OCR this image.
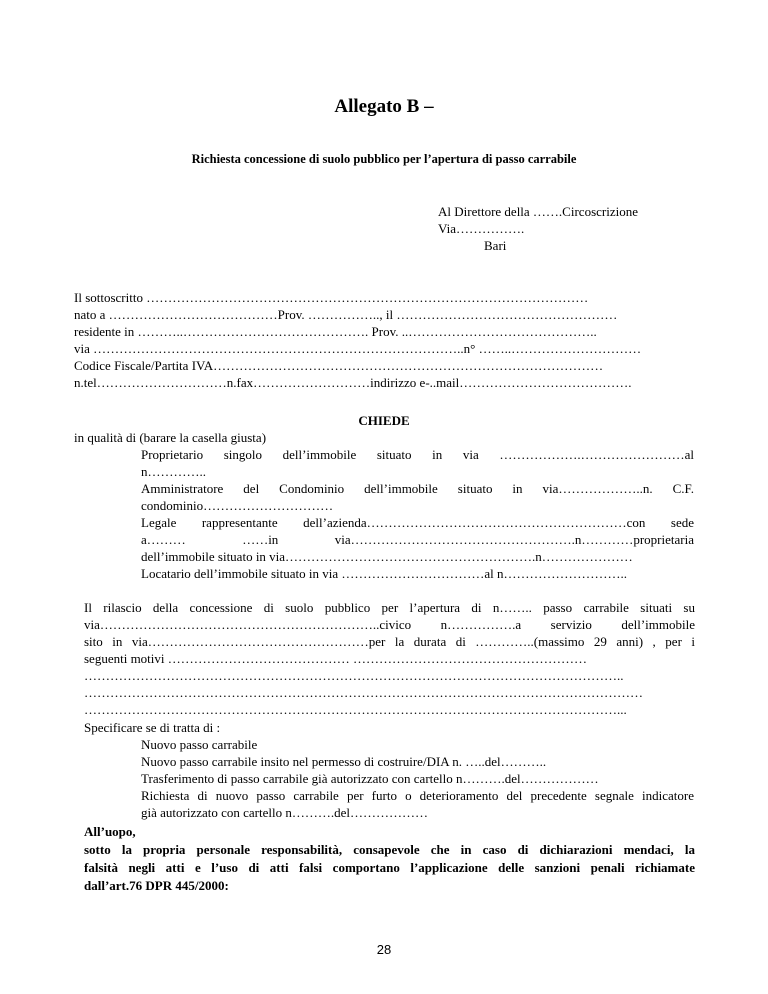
Allegato B –
Richiesta concessione di suolo pubblico per l’apertura di passo carrabile
Al Direttore della …….Circoscrizione
Via…………….
Bari
Il sottoscritto …………………………………………………………………………………………
nato a …………………………………Prov. …………….., il ……………………………………………
residente in ………..……………………………………. Prov. ..……………………………………..
via …………………………………………………………………………..n° ……..…………………………
Codice Fiscale/Partita IVA………………………………………………………………………………
n.tel…………………………n.fax………………………indirizzo e-..mail………………………………….
CHIEDE
in qualità di (barare la casella giusta)
Proprietario singolo dell’immobile situato in via ……………….……………………al
n…………..
Amministratore del Condominio dell’immobile situato in via………………..n. C.F.
condominio…………………………
Legale rappresentante dell’azienda……………………………………………………con sede
a……… ……in via…………………………………………….n…………proprietaria
dell’immobile situato in via………………………………………………….n…………………
Locatario dell’immobile situato in via ……………………………al n………………………..
Il rilascio della concessione di suolo pubblico per l’apertura di n…….. passo carrabile situati su
via………………………………………………………..civico n…………….a servizio dell’immobile
sito in via……………………………………………per la durata di …………..(massimo 29 anni) , per i
seguenti motivi …………………………………… ………………………………………………
……………………………………………………………………………………………………………..
…………………………………………………………………………………………………………………
……………………………………………………………………………………………………………...
Specificare se di tratta di :
Nuovo passo carrabile
Nuovo passo carrabile insito nel permesso di costruire/DIA n. …..del………..
Trasferimento di passo carrabile già autorizzato con cartello n……….del………………
Richiesta di nuovo passo carrabile per furto o deterioramento del precedente segnale indicatore
già autorizzato con cartello n……….del………………
All’uopo,
sotto la propria personale responsabilità, consapevole che in caso di dichiarazioni mendaci, la
falsità negli atti e l’uso di atti falsi comportano l’applicazione delle sanzioni penali richiamate
dall’art.76 DPR 445/2000:
28
